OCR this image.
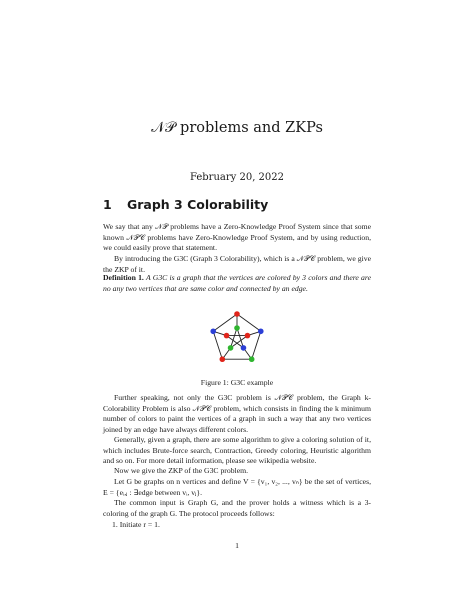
𝒩𝒫 problems and ZKPs
February 20, 2022
1 Graph 3 Colorability
We say that any 𝒩𝒫 problems have a Zero-Knowledge Proof System since that some known 𝒩𝒫𝒞 problems have Zero-Knowledge Proof System, and by using reduction, we could easily prove that statement.
By introducing the G3C (Graph 3 Colorability), which is a 𝒩𝒫𝒞 problem, we give the ZKP of it.
Definition 1. A G3C is a graph that the vertices are colored by 3 colors and there are no any two vertices that are same color and connected by an edge.
Figure 1: G3C example
Further speaking, not only the G3C problem is 𝒩𝒫𝒞 problem, the Graph k-Colorability Problem is also 𝒩𝒫𝒞 problem, which consists in finding the k minimum number of colors to paint the vertices of a graph in such a way that any two vertices joined by an edge have always different colors.
Generally, given a graph, there are some algorithm to give a coloring solution of it, which includes Brute-force search, Contraction, Greedy coloring, Heuristic algorithm and so on. For more detail information, please see wikipedia website.
Now we give the ZKP of the G3C problem.
Let G be graphs on n vertices and define V = {v₁, v₂, ..., vₙ} be the set of vertices, E = {eᵢ,ⱼ : ∃edge between vᵢ, vⱼ}.
The common input is Graph G, and the prover holds a witness which is a 3-coloring of the graph G. The protocol proceeds follows:
1. Initiate r = 1.
1
